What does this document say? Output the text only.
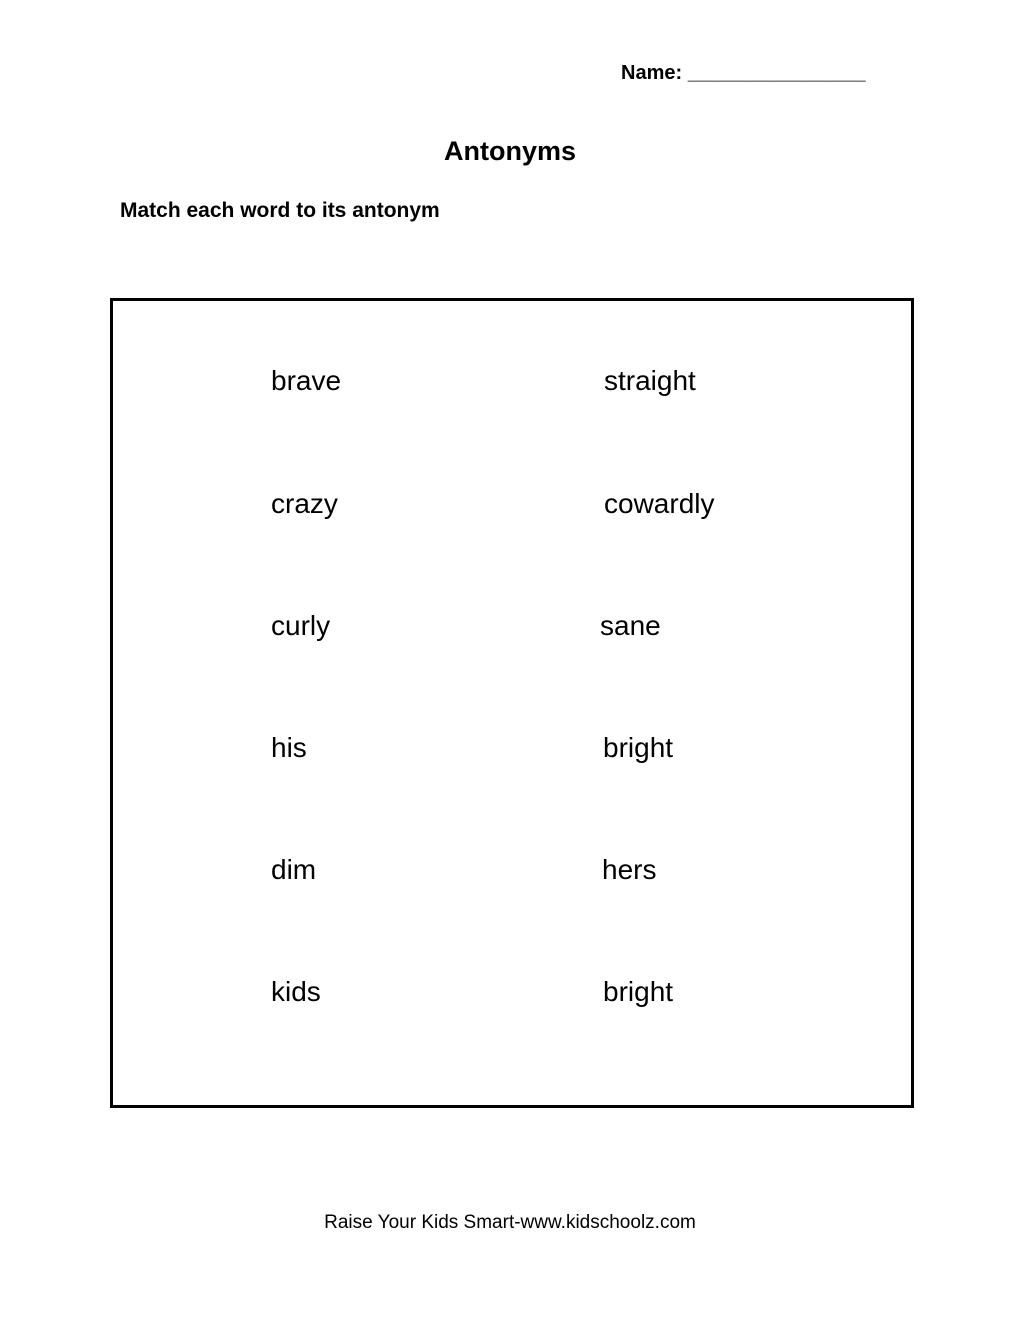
Name: ________________
Antonyms
Match each word to its antonym
brave	straight
crazy	cowardly
curly	sane
his	bright
dim	hers
kids	bright
Raise Your Kids Smart-www.kidschoolz.com
